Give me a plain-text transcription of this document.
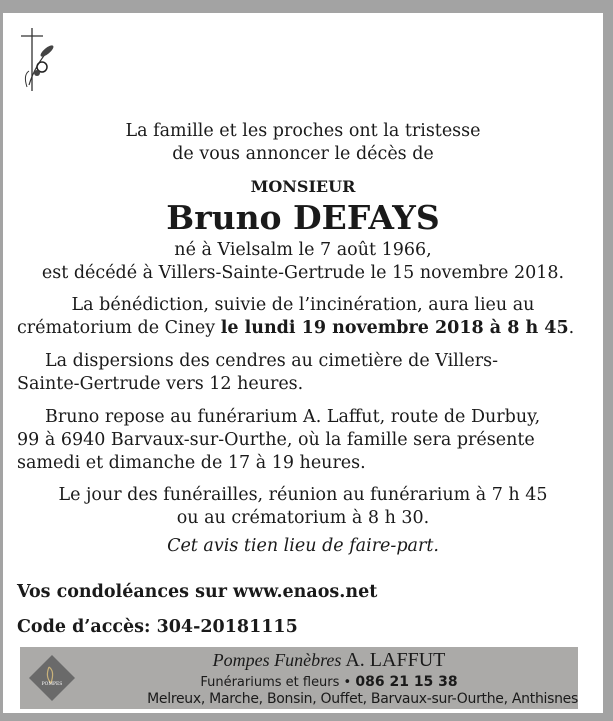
La famille et les proches ont la tristesse
de vous annoncer le décès de
MONSIEUR
Bruno DEFAYS
né à Vielsalm le 7 août 1966,
est décédé à Villers-Sainte-Gertrude le 15 novembre 2018.
La bénédiction, suivie de l’incinération, aura lieu au
crématorium de Ciney le lundi 19 novembre 2018 à 8 h 45.
La dispersions des cendres au cimetière de Villers-
Sainte-Gertrude vers 12 heures.
Bruno repose au funérarium A. Laffut, route de Durbuy,
99 à 6940 Barvaux-sur-Ourthe, où la famille sera présente
samedi et dimanche de 17 à 19 heures.
Le jour des funérailles, réunion au funérarium à 7 h 45
ou au crématorium à 8 h 30.
Cet avis tien lieu de faire-part.
Vos condoléances sur www.enaos.net
Code d’accès: 304-20181115
POMPES
Pompes Funèbres A. LAFFUT
Funérariums et fleurs • 086 21 15 38
Melreux, Marche, Bonsin, Ouffet, Barvaux-sur-Ourthe, Anthisnes
